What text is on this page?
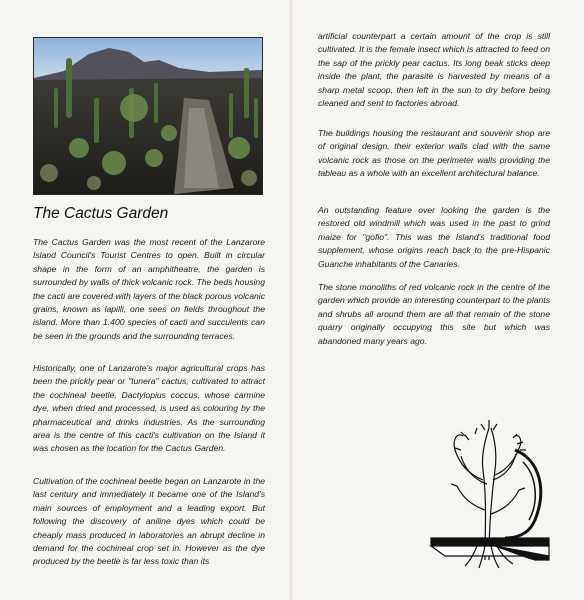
The Cactus Garden

The Cactus Garden was the most recent of the Lanzarore Island Council's Tourist Centres to open. Built in circular shape in the form of an amphitheatre, the garden is surrounded by walls of thick volcanic rock. The beds housing the cacti are covered with layers of the black porous volcanic grains, known as lapilli, one sees on fields throughout the island. More than 1.400 species of cacti and succulents can be seen in the grounds and the surrounding terraces.

Historically, one of Lanzarote's major agricultural crops has been the prickly pear or "tunera" cactus, cultivated to attract the cochineal beetle, Dactylopius coccus, whose carmine dye, when dried and processed, is used as colouring by the pharmaceutical and drinks industries. As the surrounding area is the centre of this cacti's cultivation on the Island it was chosen as the location for the Cactus Garden.

Cultivation of the cochineal beetle began on Lanzarote in the last century and immediately it became one of the Island's main sources of employment and a leading export. But following the discovery of aniline dyes which could be cheaply mass produced in laboratories an abrupt decline in demand for the cochineal crop set in. However as the dye produced by the beetle is far less toxic than its

artificial counterpart a certain amount of the crop is still cultivated. It is the female insect which is attracted to feed on the sap of the prickly pear cactus. Its long beak sticks deep inside the plant, the parasite is harvested by means of a sharp metal scoop, then left in the sun to dry before being cleaned and sent to factories abroad.

The buildings housing the restaurant and souvenir shop are of original design, their exterior walls clad with the same volcanic rock as those on the perimeter walls providing the tableau as a whole with an excellent architectural balance.

An outstanding feature over looking the garden is the restored old windmill which was used in the past to grind maize for "gofio". This was the Island's traditional food supplement, whose origins reach back to the pre-Hispanic Guanche inhabitants of the Canaries.

The stone monoliths of red volcanic rock in the centre of the garden which provide an interesting counterpart to the plants and shrubs all around them are all that remain of the stone quarry originally occupying this site but which was abandoned many years ago.
